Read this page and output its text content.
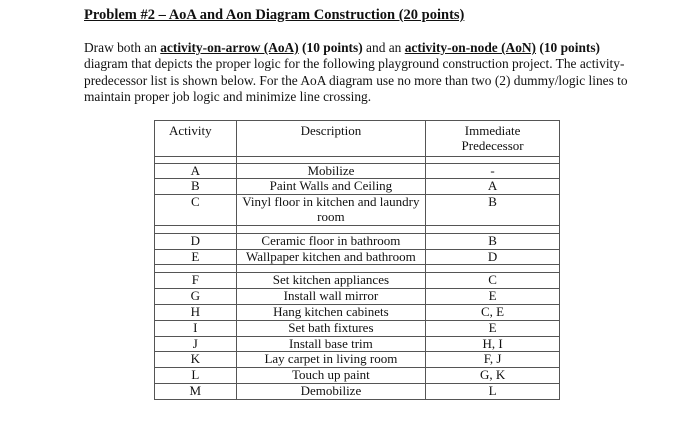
Problem #2 – AoA and Aon Diagram Construction (20 points)
Draw both an activity-on-arrow (AoA) (10 points) and an activity-on-node (AoN) (10 points) diagram that depicts the proper logic for the following playground construction project. The activity-predecessor list is shown below. For the AoA diagram use no more than two (2) dummy/logic lines to maintain proper job logic and minimize line crossing.
Activity	Description	Immediate
Predecessor

A	Mobilize	-
B	Paint Walls and Ceiling	A
C	Vinyl floor in kitchen and laundry room	B

D	Ceramic floor in bathroom	B
E	Wallpaper kitchen and bathroom	D

F	Set kitchen appliances	C
G	Install wall mirror	E
H	Hang kitchen cabinets	C, E
I	Set bath fixtures	E
J	Install base trim	H, I
K	Lay carpet in living room	F, J
L	Touch up paint	G, K
M	Demobilize	L
